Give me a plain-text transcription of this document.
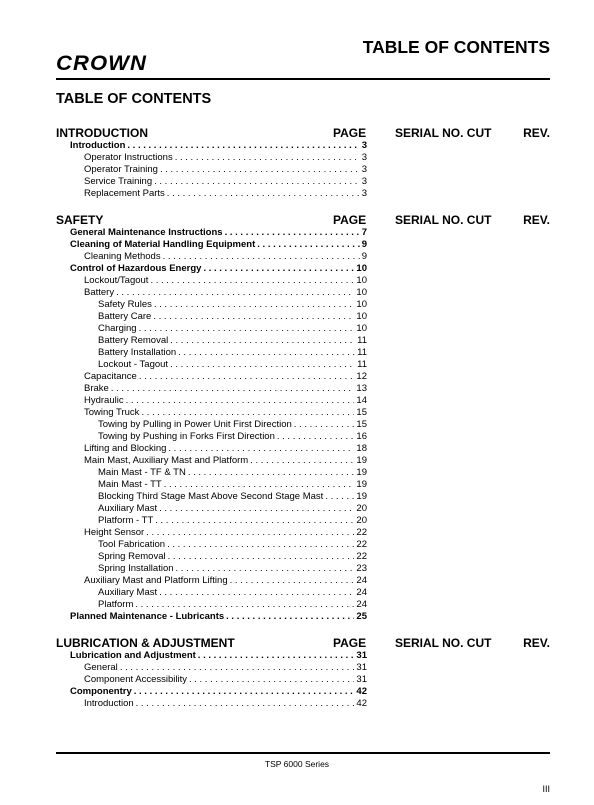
CROWN
TABLE OF CONTENTS
TABLE OF CONTENTS
INTRODUCTION	PAGE SERIAL NO. CUT	REV.
Introduction . . .	3
Operator Instructions . . .	3
Operator Training . . .	3
Service Training . . .	3
Replacement Parts . . .	3
SAFETY	PAGE SERIAL NO. CUT	REV.
General Maintenance Instructions . . .	7
Cleaning of Material Handling Equipment . . .	9
Cleaning Methods . . .	9
Control of Hazardous Energy . . .	10
Lockout/Tagout . . .	10
Battery . . .	10
Safety Rules . . .	10
Battery Care . . .	10
Charging . . .	10
Battery Removal . . .	11
Battery Installation . . .	11
Lockout - Tagout . . .	11
Capacitance . . .	12
Brake . . .	13
Hydraulic . . .	14
Towing Truck . . .	15
Towing by Pulling in Power Unit First Direction . . .	15
Towing by Pushing in Forks First Direction . . .	16
Lifting and Blocking . . .	18
Main Mast, Auxiliary Mast and Platform . . .	19
Main Mast - TF & TN . . .	19
Main Mast - TT . . .	19
Blocking Third Stage Mast Above Second Stage Mast . . .	19
Auxiliary Mast . . .	20
Platform - TT . . .	20
Height Sensor . . .	22
Tool Fabrication . . .	22
Spring Removal . . .	22
Spring Installation . . .	23
Auxiliary Mast and Platform Lifting . . .	24
Auxiliary Mast . . .	24
Platform . . .	24
Planned Maintenance - Lubricants . . .	25
LUBRICATION & ADJUSTMENT	PAGE SERIAL NO. CUT	REV.
Lubrication and Adjustment . . .	31
General . . .	31
Component Accessibility . . .	31
Componentry . . .	42
Introduction . . .	42
TSP 6000 Series
III
